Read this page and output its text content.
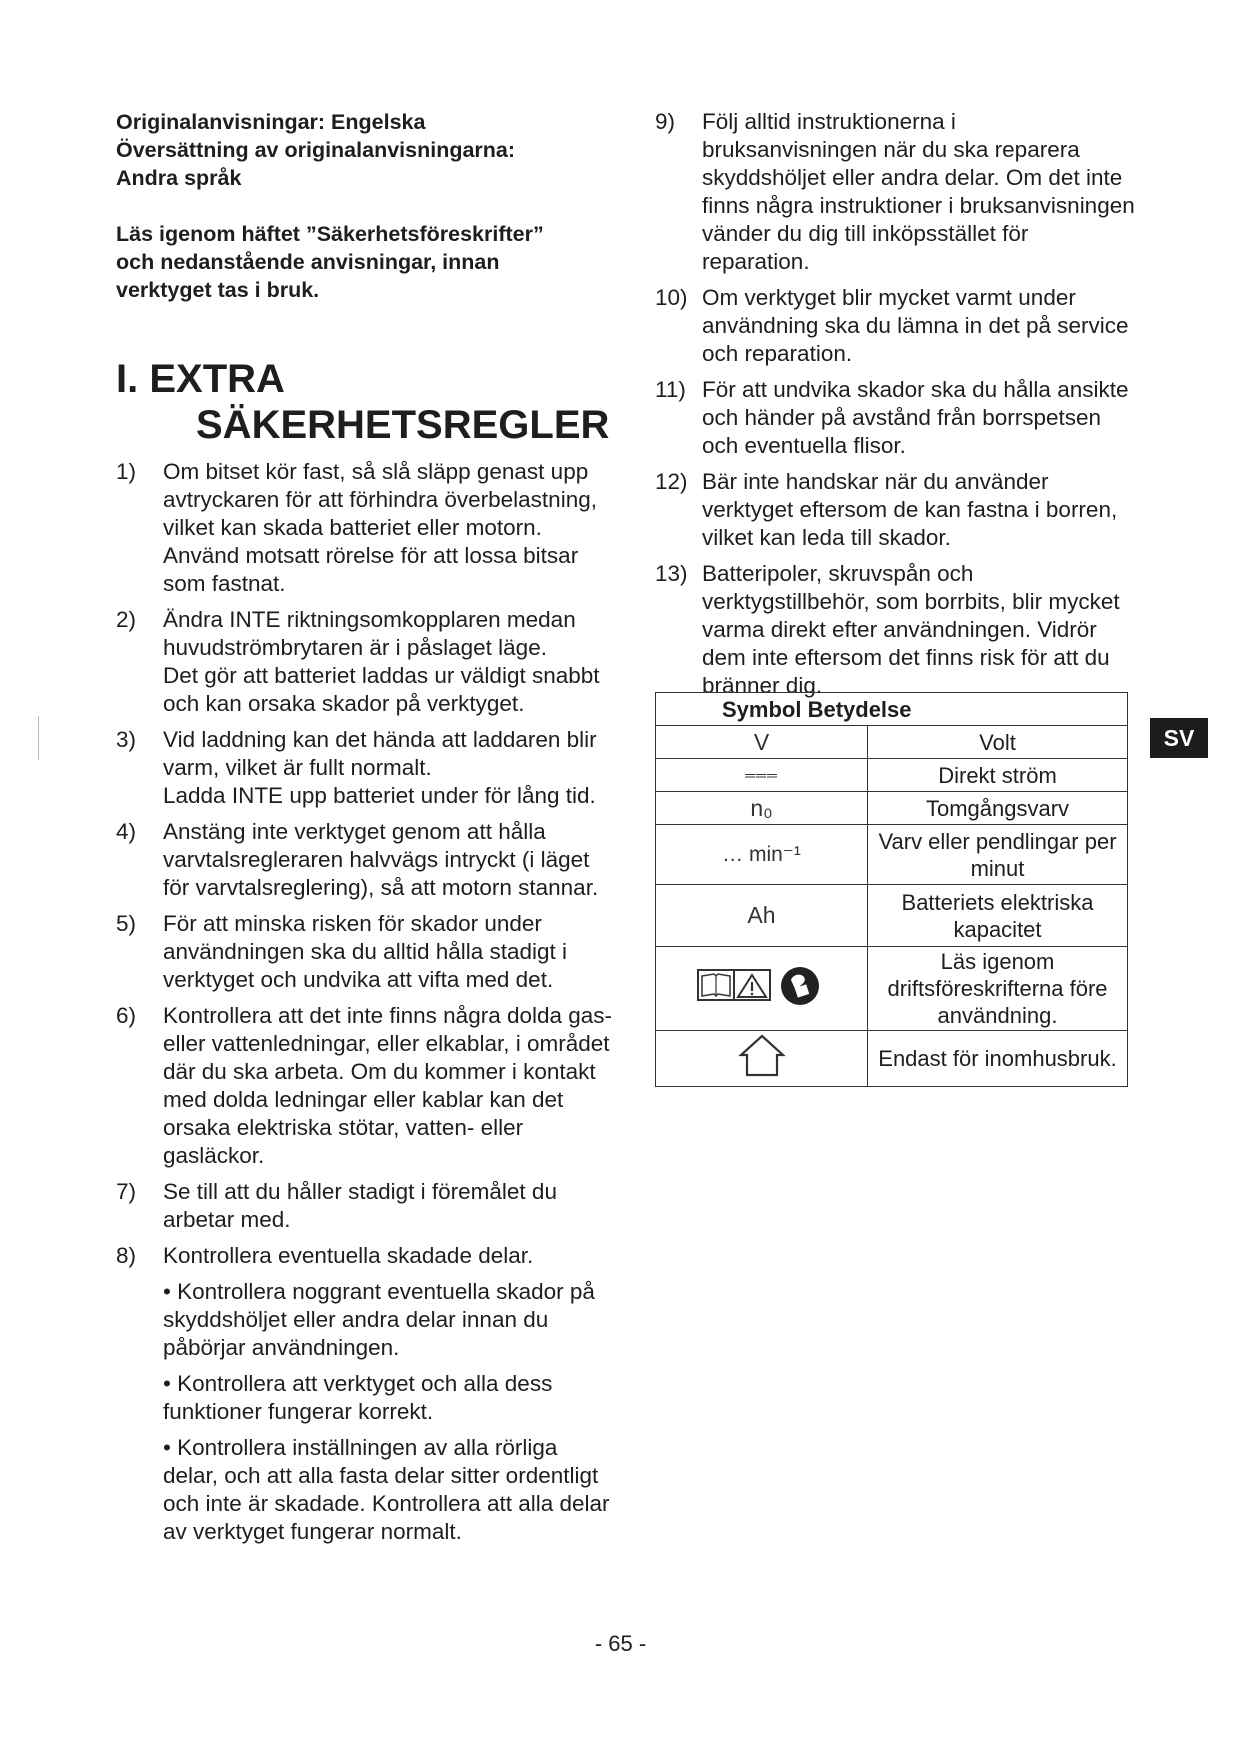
Originalanvisningar: Engelska
Översättning av originalanvisningarna:
Andra språk
Läs igenom häftet ”Säkerhetsföreskrifter”
och nedanstående anvisningar, innan
verktyget tas i bruk.
I. EXTRA
SÄKERHETSREGLER
1) Om bitset kör fast, så slå släpp genast upp avtryckaren för att förhindra överbelastning, vilket kan skada batteriet eller motorn.

Använd motsatt rörelse för att lossa bitsar som fastnat.

2) Ändra INTE riktningsomkopplaren medan huvudströmbrytaren är i påslaget läge.

Det gör att batteriet laddas ur väldigt snabbt och kan orsaka skador på verktyget.

3) Vid laddning kan det hända att laddaren blir varm, vilket är fullt normalt.

Ladda INTE upp batteriet under för lång tid.

4) Anstäng inte verktyget genom att hålla varvtalsregleraren halvvägs intryckt (i läget för varvtalsreglering), så att motorn stannar.

5) För att minska risken för skador under användningen ska du alltid hålla stadigt i verktyget och undvika att vifta med det.

6) Kontrollera att det inte finns några dolda gas- eller vattenledningar, eller elkablar, i området där du ska arbeta. Om du kommer i kontakt med dolda ledningar eller kablar kan det orsaka elektriska stötar, vatten- eller gasläckor.

7) Se till att du håller stadigt i föremålet du arbetar med.

8) Kontrollera eventuella skadade delar.

• Kontrollera noggrant eventuella skador på skyddshöljet eller andra delar innan du påbörjar användningen.
• Kontrollera att verktyget och alla dess funktioner fungerar korrekt.
• Kontrollera inställningen av alla rörliga delar, och att alla fasta delar sitter ordentligt och inte är skadade. Kontrollera att alla delar av verktyget fungerar normalt.
9) Följ alltid instruktionerna i bruksanvisningen när du ska reparera skyddshöljet eller andra delar. Om det inte finns några instruktioner i bruksanvisningen vänder du dig till inköpsstället för reparation.

10) Om verktyget blir mycket varmt under användning ska du lämna in det på service och reparation.

11) För att undvika skador ska du hålla ansikte och händer på avstånd från borrspetsen och eventuella flisor.

12) Bär inte handskar när du använder verktyget eftersom de kan fastna i borren, vilket kan leda till skador.

13) Batteripoler, skruvspån och verktygstillbehör, som borrbits, blir mycket varma direkt efter användningen. Vidrör dem inte eftersom det finns risk för att du bränner dig.

Symbol Betydelse	
V	Volt
═══	Direkt ström
n₀	Tomgångsvarv
… min⁻¹	Varv eller pendlingar per minut
Ah	Batteriets elektriska kapacitet
	Läs igenom driftsföreskrifterna före användning.
	Endast för inomhusbruk.
SV
- 65 -
